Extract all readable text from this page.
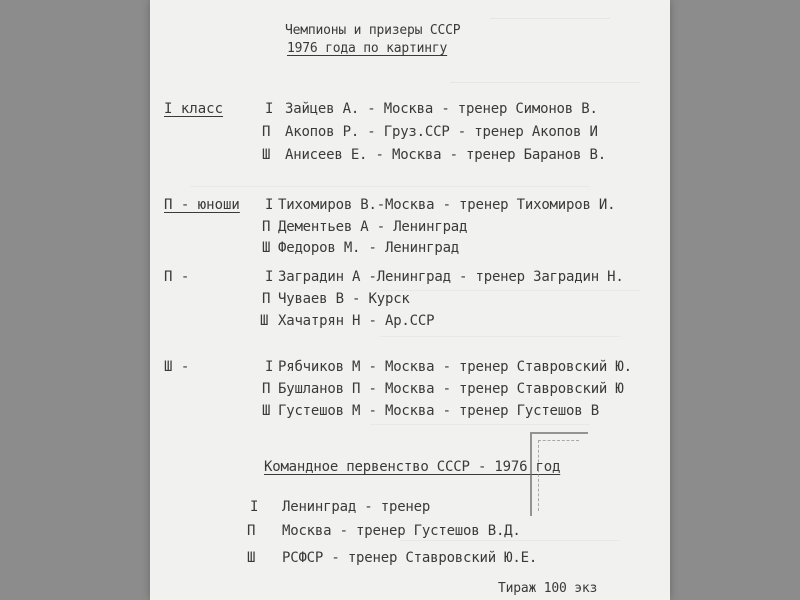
Чемпионы и призеры СССР
1976 года по картингу
I класс	I Зайцев А. - Москва - тренер Симонов В.
П Акопов Р. - Груз.ССР - тренер Акопов И
Ш Анисеев Е. - Москва - тренер Баранов В.
П - юноши I Тихомиров В.-Москва - тренер Тихомиров И.
П Дементьев А - Ленинград
Ш Федоров М. - Ленинград
П -	I Заградин А -Ленинград - тренер Заградин Н.
П Чуваев В - Курск
Ш Хачатрян Н - Ар.ССР
Ш -	I Рябчиков М - Москва - тренер Ставровский Ю.
П Бушланов П - Москва - тренер Ставровский Ю
Ш Густешов М - Москва - тренер Густешов В
Командное первенство СССР - 1976 год
I Ленинград - тренер
П Москва - тренер Густешов В.Д.
Ш РСФСР - тренер Ставровский Ю.Е.
Тираж 100 экз
